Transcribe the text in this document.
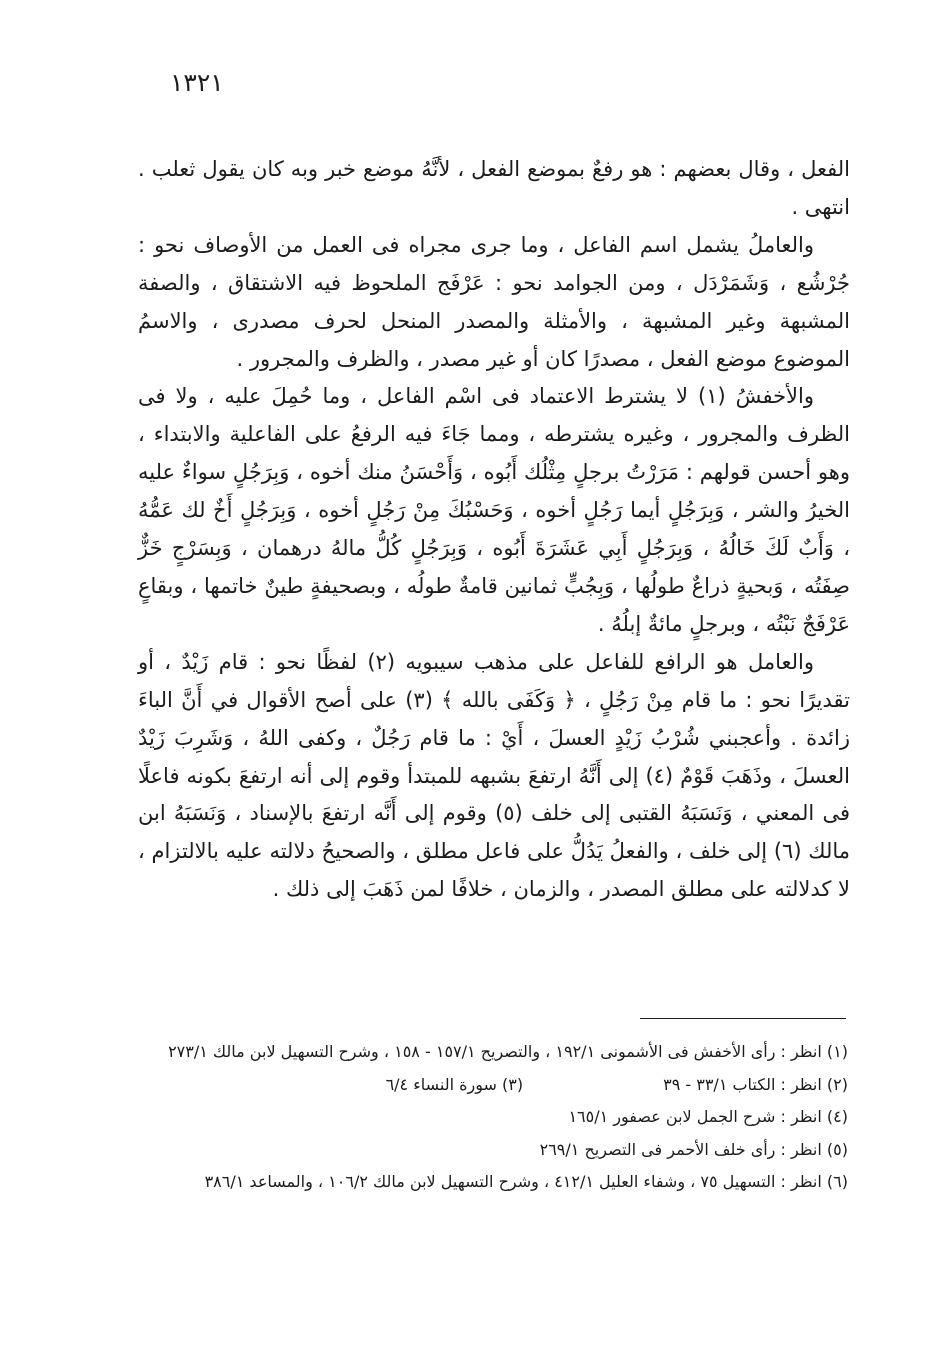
١٣٢١

الفعل ، وقال بعضهم : هو رفعٌ بموضع الفعل ، لأنَّهُ موضع خبر وبه كان يقول ثعلب . انتهى .

والعاملُ يشمل اسم الفاعل ، وما جرى مجراه فى العمل من الأوصاف نحو : جُرْشُع ، وَشَمَرْدَل ، ومن الجوامد نحو : عَرْفَج الملحوظ فيه الاشتقاق ، والصفة المشبهة وغير المشبهة ، والأمثلة والمصدر المنحل لحرف مصدرى ، والاسمُ الموضوع موضع الفعل ، مصدرًا كان أو غير مصدر ، والظرف والمجرور .

والأخفشُ (١) لا يشترط الاعتماد فى اسْم الفاعل ، وما حُمِلَ عليه ، ولا فى الظرف والمجرور ، وغيره يشترطه ، ومما جَاءَ فيه الرفعُ على الفاعلية والابتداء ، وهو أحسن قولهم : مَرَرْتُ برجلٍ مِثْلُك أَبُوه ، وَأَحْسَنُ منك أخوه ، وَبِرَجُلٍ سواءٌ عليه الخيرُ والشر ، وَبِرَجُلٍ أيما رَجُلٍ أخوه ، وَحَسْبُكَ مِنْ رَجُلٍ أخوه ، وَبِرَجُلٍ أَخٌ لك عَمُّهُ ، وَأَبٌ لَكَ خَالُهُ ، وَبِرَجُلٍ أَبِي عَشَرَةَ أَبُوه ، وَبِرَجُلٍ كُلُّ مالهُ درهمان ، وَبِسَرْجٍ خَزٌّ صِفَتُه ، وَبحيةٍ ذراعٌ طولُها ، وَبِجُبٍّ ثمانين قامةٌ طولُه ، وبصحيفةٍ طينٌ خاتمها ، وبقاعٍ عَرْفَجٌ نَبْتُه ، وبرجلٍ مائةٌ إبلُهُ .

والعامل هو الرافع للفاعل على مذهب سيبويه (٢) لفظًا نحو : قام زَيْدٌ ، أو تقديرًا نحو : ما قام مِنْ رَجُلٍ ، ﴿ وَكَفَى بالله ﴾ (٣) على أصح الأقوال في أَنَّ الباءَ زائدة . وأعجبني شُرْبُ زَيْدٍ العسلَ ، أَيْ : ما قام رَجُلٌ ، وكفى اللهُ ، وَشَرِبَ زَيْدٌ العسلَ ، وذَهَبَ قَوْمٌ (٤) إلى أَنَّهُ ارتفعَ بشبهه للمبتدأ وقوم إلى أنه ارتفعَ بكونه فاعلًا فى المعني ، وَنَسَبَهُ القتبى إلى خلف (٥) وقوم إلى أَنَّه ارتفعَ بالإسناد ، وَنَسَبَهُ ابن مالك (٦) إلى خلف ، والفعلُ يَدُلُّ على فاعل مطلق ، والصحيحُ دلالته عليه بالالتزام ، لا كدلالته على مطلق المصدر ، والزمان ، خلافًا لمن ذَهَبَ إلى ذلك .

(١) انظر : رأى الأخفش فى الأشمونى ١٩٢/١ ، والتصريح ١٥٧/١ - ١٥٨ ، وشرح التسهيل لابن مالك ٢٧٣/١

(٢) انظر : الكتاب ٣٣/١ - ٣٩
(٣) سورة النساء ٦/٤

(٤) انظر : شرح الجمل لابن عصفور ١٦٥/١

(٥) انظر : رأى خلف الأحمر فى التصريح ٢٦٩/١

(٦) انظر : التسهيل ٧٥ ، وشفاء العليل ٤١٢/١ ، وشرح التسهيل لابن مالك ١٠٦/٢ ، والمساعد ٣٨٦/١
